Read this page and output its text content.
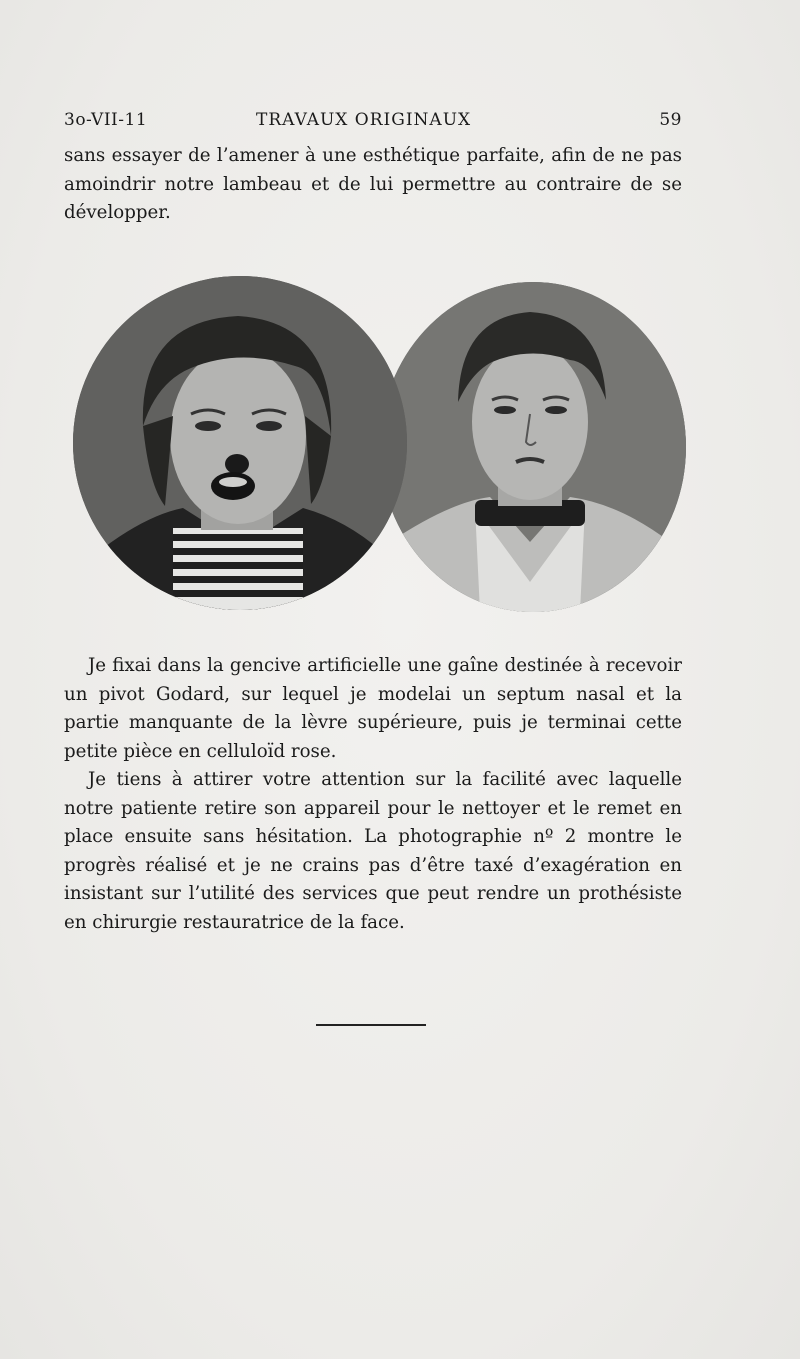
3o-VII-11	TRAVAUX ORIGINAUX	59

sans essayer de l’amener à une esthétique parfaite, afin de ne pas amoindrir notre lambeau et de lui permettre au contraire de se développer.

Je fixai dans la gencive artificielle une gaîne destinée à recevoir un pivot Godard, sur lequel je modelai un septum nasal et la partie manquante de la lèvre supérieure, puis je terminai cette petite pièce en celluloïd rose.

Je tiens à attirer votre attention sur la facilité avec laquelle notre patiente retire son appareil pour le nettoyer et le remet en place ensuite sans hésitation. La photographie nº 2 montre le progrès réalisé et je ne crains pas d’être taxé d’exagération en insistant sur l’utilité des services que peut rendre un prothésiste en chirurgie restauratrice de la face.
